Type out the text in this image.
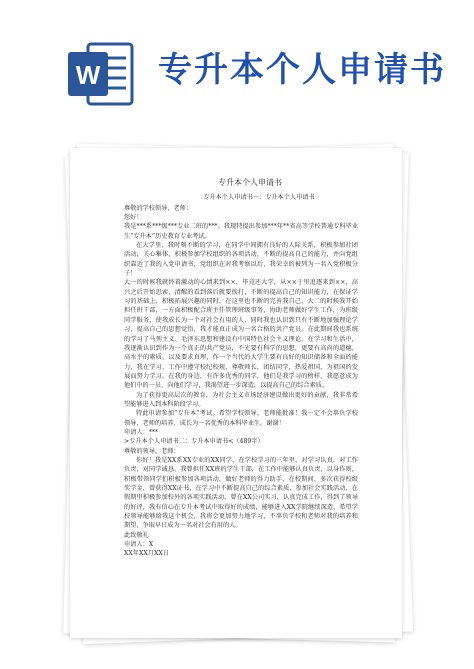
W 专升本个人申请书
专升本个人申请书
专升本个人申请书一：专升本个人申请书

尊敬的学校领导、老师：

您好！

我是***系***级***专业二班的***。我现特提出参加***年**省高等学校普通专科毕业生“专升本”历史教育专业考试。

在大学里，我时刻不断的学习，在同学中间拥有良好的人际关系，积极参加社团活动，关心集体，积极参加学校组织的各项活动，不断的提高自己的能力，并向党组织靠近了我的入党申请书，党组织在对我考察以后，我荣幸的被列为一名入党积极分子！

大一的时候我就怀着激动的心情来到××，毕竟还大学，从××于里追逐来到××，高兴之后开始思索，清醒的看到落后就要挨打，不断的提高自己的知识能力，在保证学习的基础上，积极拓展兴趣的同时，在这里也不断的完善我自己，大二的时候我开始担任班干部，一方面积极配合班主任管理班级事务，协助老师做好学生工作，为班级同学服务，使我成长为一个对社会有用的人，同时我也认识到只有不断地加强理论学习，提高自己的思想觉悟，我才能真正成为一名合格的共产党员。在此期间我也系统的学习了马列主义、毛泽东思想和建设有中国特色社会主义理论。在学习和生活中，我逐渐认识到作为一个真正的共产党员，不光要有科学的思想，更要有高尚的道德，高水平的素质，以及要求真理，作一个当代的大学生要有良好的知识储备和全面的能力，我在学习、工作中遵守校纪校规，尊敬师长，团结同学，热爱祖国，为祖国的发展而努力学习。在我的身边，有许多优秀的同学，他们是我学习的榜样，我愿意成为他们中的一员，向他们学习，我渴望进一步深造，以提高自己的综合素质。

为了获得更高层次的教育，为社会主义市场经济建设做出更好的贡献，我非常希望能够进入到本科阶段学习。

特此申请参加“专升本”考试。希望学校领导、老师能批准！我一定不会辜负学校领导、老师的培养，成长为一名优秀的本科毕业生。谢谢！

申请人：***

>专升本个人申请书二：专升本申请书<（489字）

尊敬的领导、老师：

你好！我是XX系XX专业的XX同学，在学校学习的三年里，对学习认真，对工作负责，对同学诚恳，我曾担任XX班的学生干部，在工作中能够认真负责，以身作则，积极带领同学们积极参加各项活动，做好老师的得力助手，在校期间，多次获得校级奖学金，曾获得XX证书，在学习中不断提高自己的综合素质，参加社会实践活动，在假期里积极参加校外的各项实践活动，曾在XX公司实习，认真完成工作，得到了领导的好评，我有信心在专升本考试中取得好的成绩，能够进入XX学院继续深造，希望学校领导能够给我这个机会，我将会更加努力地学习，不辜负学校和老师对我的培养和期望，争取早日成为一名对社会有用的人。

此致敬礼

申请人：X

XX年XX月XX日
